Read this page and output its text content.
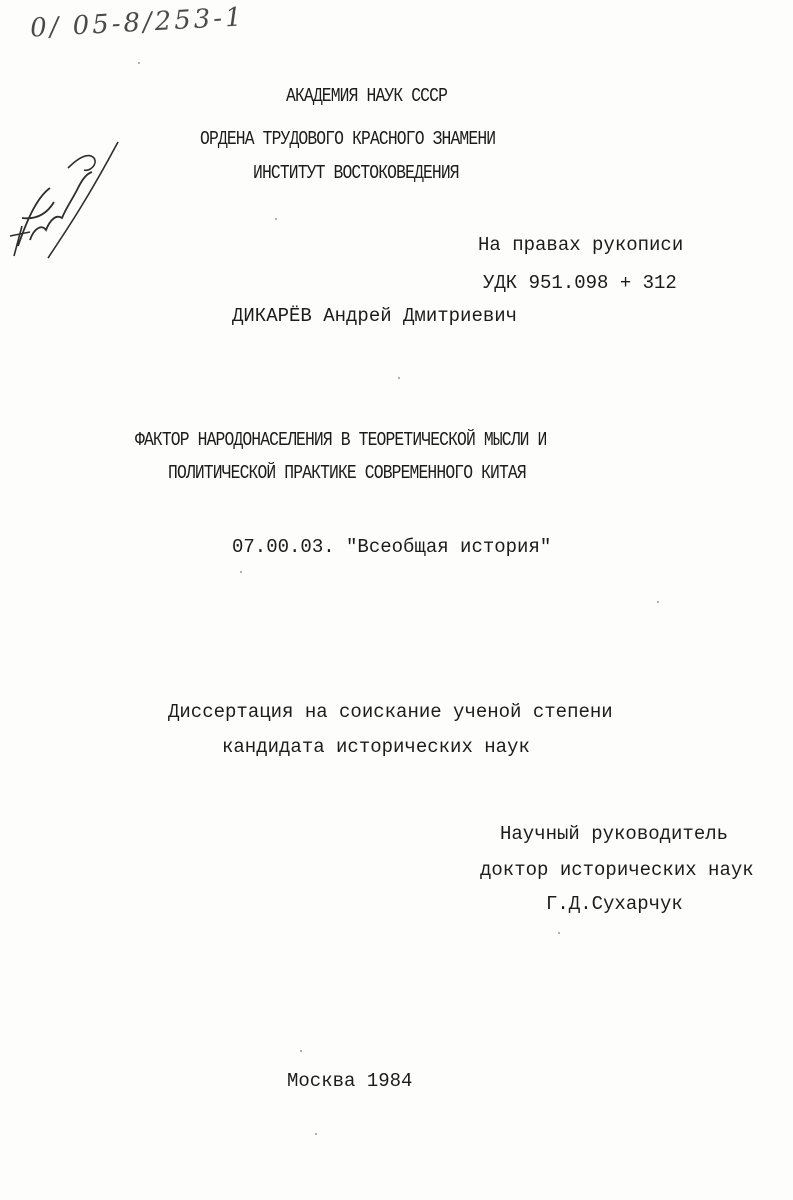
0/ 05-8/253-1
АКАДЕМИЯ НАУК СССР
ОРДЕНА ТРУДОВОГО КРАСНОГО ЗНАМЕНИ
ИНСТИТУТ ВОСТОКОВЕДЕНИЯ
На правах рукописи
УДК 951.098 + 312
ДИКАРЁВ Андрей Дмитриевич
ФАКТОР НАРОДОНАСЕЛЕНИЯ В ТЕОРЕТИЧЕСКОЙ МЫСЛИ И
ПОЛИТИЧЕСКОЙ ПРАКТИКЕ СОВРЕМЕННОГО КИТАЯ
07.00.03. "Всеобщая история"
Диссертация на соискание ученой степени
кандидата исторических наук
Научный руководитель
доктор исторических наук
Г.Д.Сухарчук
Москва 1984
